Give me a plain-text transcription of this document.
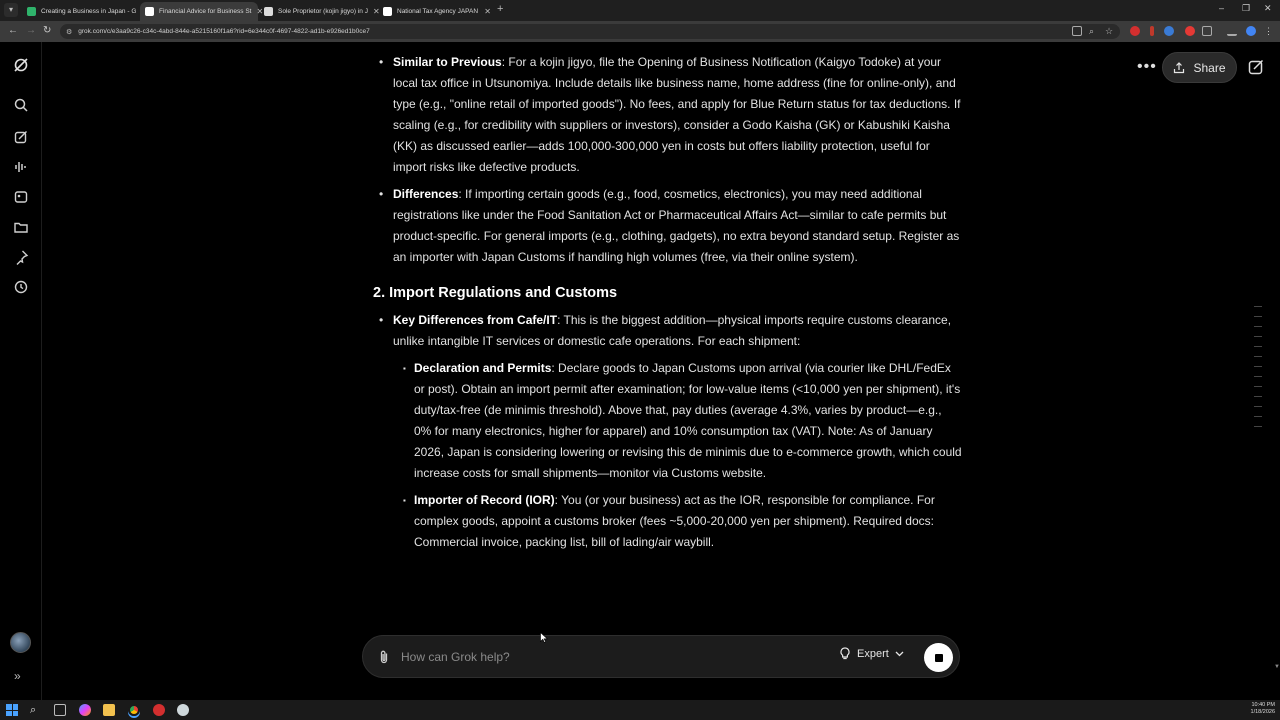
▾	Creating a Business in Japan - G	Financial Advice for Business St ✕ Sole Proprietor (kojin jigyo) in J ✕	National Tax Agency JAPAN ✕ +	– ❐ ✕
← → ↻ ⚙ grok.com/c/e3aa9c26-c34c-4abd-844e-a5215160f1a6?rid=6e344c0f-4697-4822-ad1b-e926ed1b0ce7	⌕	☆	⋮
»
•••	Share
• Similar to Previous: For a kojin jigyo, file the Opening of Business Notification (Kaigyo Todoke) at your local tax office in Utsunomiya. Include details like business name, home address (fine for online-only), and type (e.g., "online retail of imported goods"). No fees, and apply for Blue Return status for tax deductions. If scaling (e.g., for credibility with suppliers or investors), consider a Godo Kaisha (GK) or Kabushiki Kaisha (KK) as discussed earlier—adds 100,000-300,000 yen in costs but offers liability protection, useful for import risks like defective products.
• Differences: If importing certain goods (e.g., food, cosmetics, electronics), you may need additional registrations like under the Food Sanitation Act or Pharmaceutical Affairs Act—similar to cafe permits but product-specific. For general imports (e.g., clothing, gadgets), no extra beyond standard setup. Register as an importer with Japan Customs if handling high volumes (free, via their online system).
2. Import Regulations and Customs
• Key Differences from Cafe/IT: This is the biggest addition—physical imports require customs clearance, unlike intangible IT services or domestic cafe operations. For each shipment:
▪ Declaration and Permits: Declare goods to Japan Customs upon arrival (via courier like DHL/FedEx or post). Obtain an import permit after examination; for low-value items (<10,000 yen per shipment), it's duty/tax-free (de minimis threshold). Above that, pay duties (average 4.3%, varies by product—e.g., 0% for many electronics, higher for apparel) and 10% consumption tax (VAT). Note: As of January 2026, Japan is considering lowering or revising this de minimis due to e-commerce growth, which could increase costs for small shipments—monitor via Customs website.
▪ Importer of Record (IOR): You (or your business) act as the IOR, responsible for compliance. For complex goods, appoint a customs broker (fees ~5,000-20,000 yen per shipment). Required docs: Commercial invoice, packing list, bill of lading/air waybill.
▼
How can Grok help?
Expert
⌕	10:40 PM
1/18/2026
